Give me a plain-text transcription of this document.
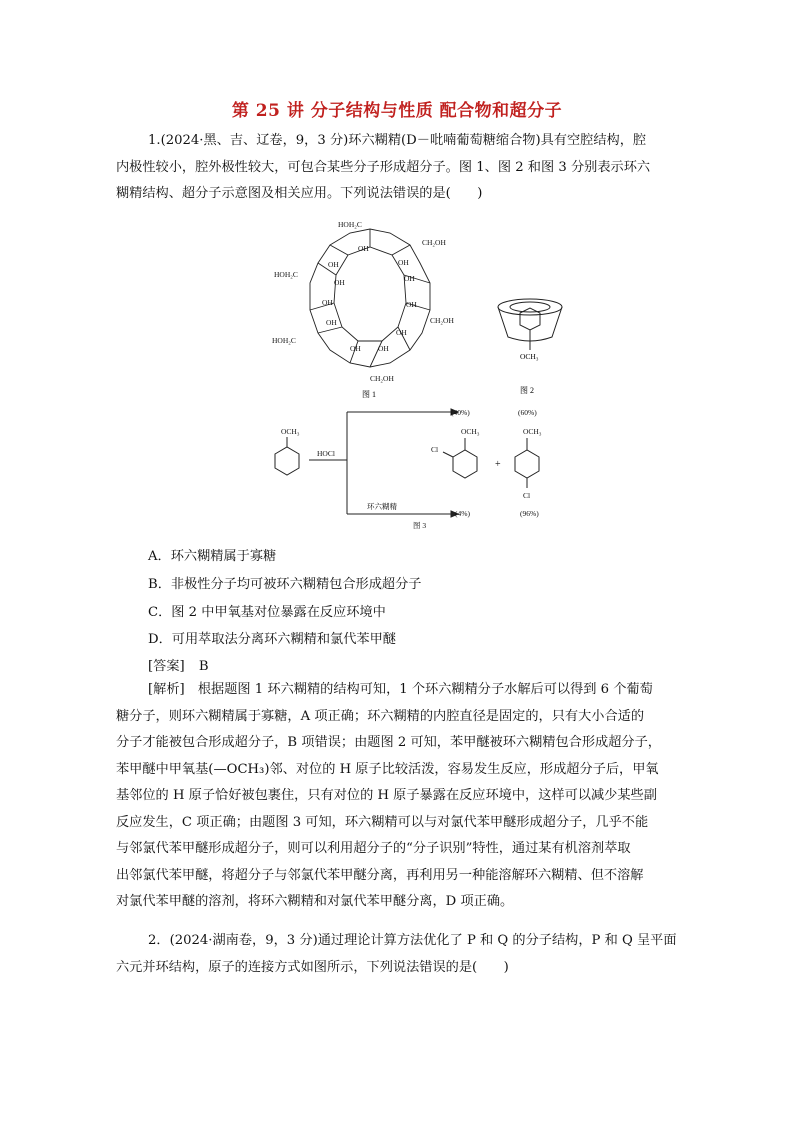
第 25 讲 分子结构与性质 配合物和超分子
1.(2024·黑、吉、辽卷，9，3 分)环六糊精(D－吡喃葡萄糖缩合物)具有空腔结构，腔
内极性较小，腔外极性较大，可包合某些分子形成超分子。图 1、图 2 和图 3 分别表示环六
糊精结构、超分子示意图及相关应用。下列说法错误的是(　　)
HOH₂C
OH
CH₂OH
OH
OH
CH₂OH
OH
OH
CH₂OH
OH
OH
HOH₂C
OH
OH
HOH₂C
OH
OH
图 1
OCH₃
图 2
OCH₃
HOCl
环六糊精
(40%)	(60%)
OCH₃
Cl
+
OCH₃
Cl
(4%)	(96%)
图 3
A．环六糊精属于寡糖
B．非极性分子均可被环六糊精包合形成超分子
C．图 2 中甲氧基对位暴露在反应环境中
D．可用萃取法分离环六糊精和氯代苯甲醚
[答案] B
[解析]　根据题图 1 环六糊精的结构可知，1 个环六糊精分子水解后可以得到 6 个葡萄
糖分子，则环六糊精属于寡糖，A 项正确；环六糊精的内腔直径是固定的，只有大小合适的
分子才能被包合形成超分子，B 项错误；由题图 2 可知，苯甲醚被环六糊精包合形成超分子，
苯甲醚中甲氧基(—OCH₃)邻、对位的 H 原子比较活泼，容易发生反应，形成超分子后，甲氧
基邻位的 H 原子恰好被包裹住，只有对位的 H 原子暴露在反应环境中，这样可以减少某些副
反应发生，C 项正确；由题图 3 可知，环六糊精可以与对氯代苯甲醚形成超分子，几乎不能
与邻氯代苯甲醚形成超分子，则可以利用超分子的“分子识别”特性，通过某有机溶剂萃取
出邻氯代苯甲醚，将超分子与邻氯代苯甲醚分离，再利用另一种能溶解环六糊精、但不溶解
对氯代苯甲醚的溶剂，将环六糊精和对氯代苯甲醚分离，D 项正确。
2．(2024·湖南卷，9，3 分)通过理论计算方法优化了 P 和 Q 的分子结构，P 和 Q 呈平面
六元并环结构，原子的连接方式如图所示，下列说法错误的是(　　)
